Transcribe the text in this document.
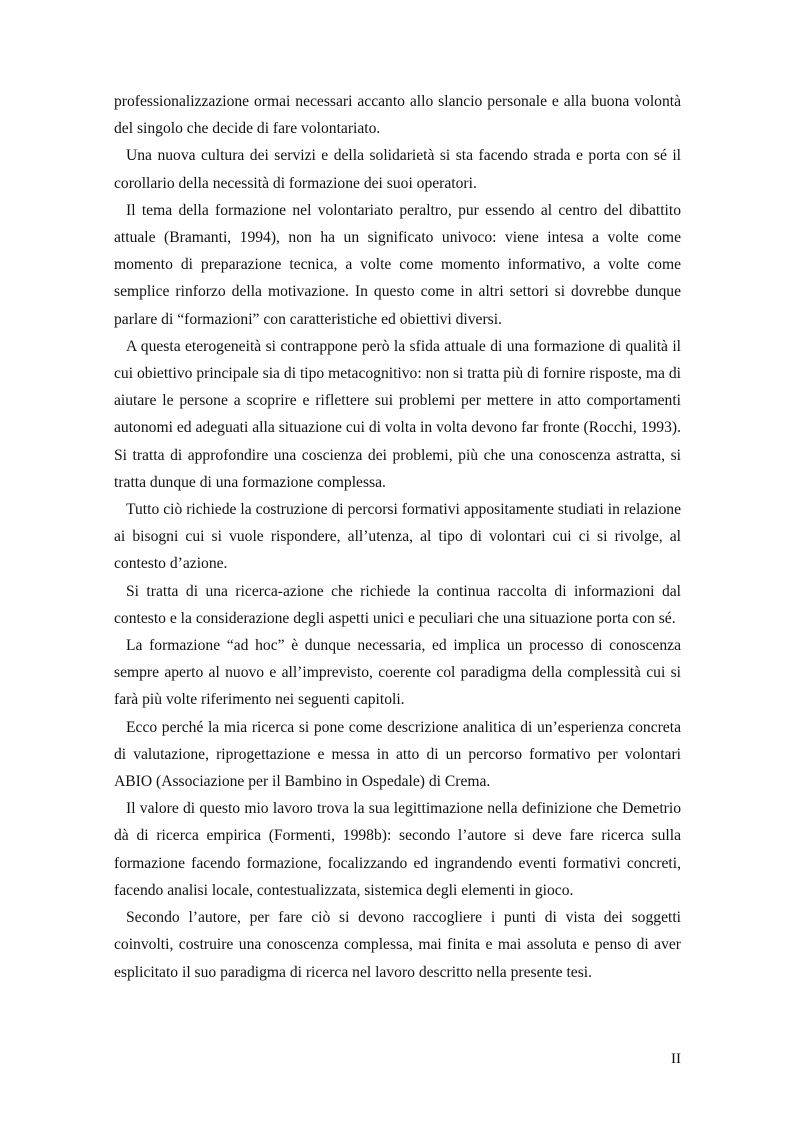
professionalizzazione ormai necessari accanto allo slancio personale e alla buona volontà del singolo che decide di fare volontariato.

Una nuova cultura dei servizi e della solidarietà si sta facendo strada e porta con sé il corollario della necessità di formazione dei suoi operatori.

Il tema della formazione nel volontariato peraltro, pur essendo al centro del dibattito attuale (Bramanti, 1994), non ha un significato univoco: viene intesa a volte come momento di preparazione tecnica, a volte come momento informativo, a volte come semplice rinforzo della motivazione. In questo come in altri settori si dovrebbe dunque parlare di “formazioni” con caratteristiche ed obiettivi diversi.

A questa eterogeneità si contrappone però la sfida attuale di una formazione di qualità il cui obiettivo principale sia di tipo metacognitivo: non si tratta più di fornire risposte, ma di aiutare le persone a scoprire e riflettere sui problemi per mettere in atto comportamenti autonomi ed adeguati alla situazione cui di volta in volta devono far fronte (Rocchi, 1993). Si tratta di approfondire una coscienza dei problemi, più che una conoscenza astratta, si tratta dunque di una formazione complessa.

Tutto ciò richiede la costruzione di percorsi formativi appositamente studiati in relazione ai bisogni cui si vuole rispondere, all’utenza, al tipo di volontari cui ci si rivolge, al contesto d’azione.

Si tratta di una ricerca-azione che richiede la continua raccolta di informazioni dal contesto e la considerazione degli aspetti unici e peculiari che una situazione porta con sé.

La formazione “ad hoc” è dunque necessaria, ed implica un processo di conoscenza sempre aperto al nuovo e all’imprevisto, coerente col paradigma della complessità cui si farà più volte riferimento nei seguenti capitoli.

Ecco perché la mia ricerca si pone come descrizione analitica di un’esperienza concreta di valutazione, riprogettazione e messa in atto di un percorso formativo per volontari ABIO (Associazione per il Bambino in Ospedale) di Crema.

Il valore di questo mio lavoro trova la sua legittimazione nella definizione che Demetrio dà di ricerca empirica (Formenti, 1998b): secondo l’autore si deve fare ricerca sulla formazione facendo formazione, focalizzando ed ingrandendo eventi formativi concreti, facendo analisi locale, contestualizzata, sistemica degli elementi in gioco.

Secondo l’autore, per fare ciò si devono raccogliere i punti di vista dei soggetti coinvolti, costruire una conoscenza complessa, mai finita e mai assoluta e penso di aver esplicitato il suo paradigma di ricerca nel lavoro descritto nella presente tesi.

II
